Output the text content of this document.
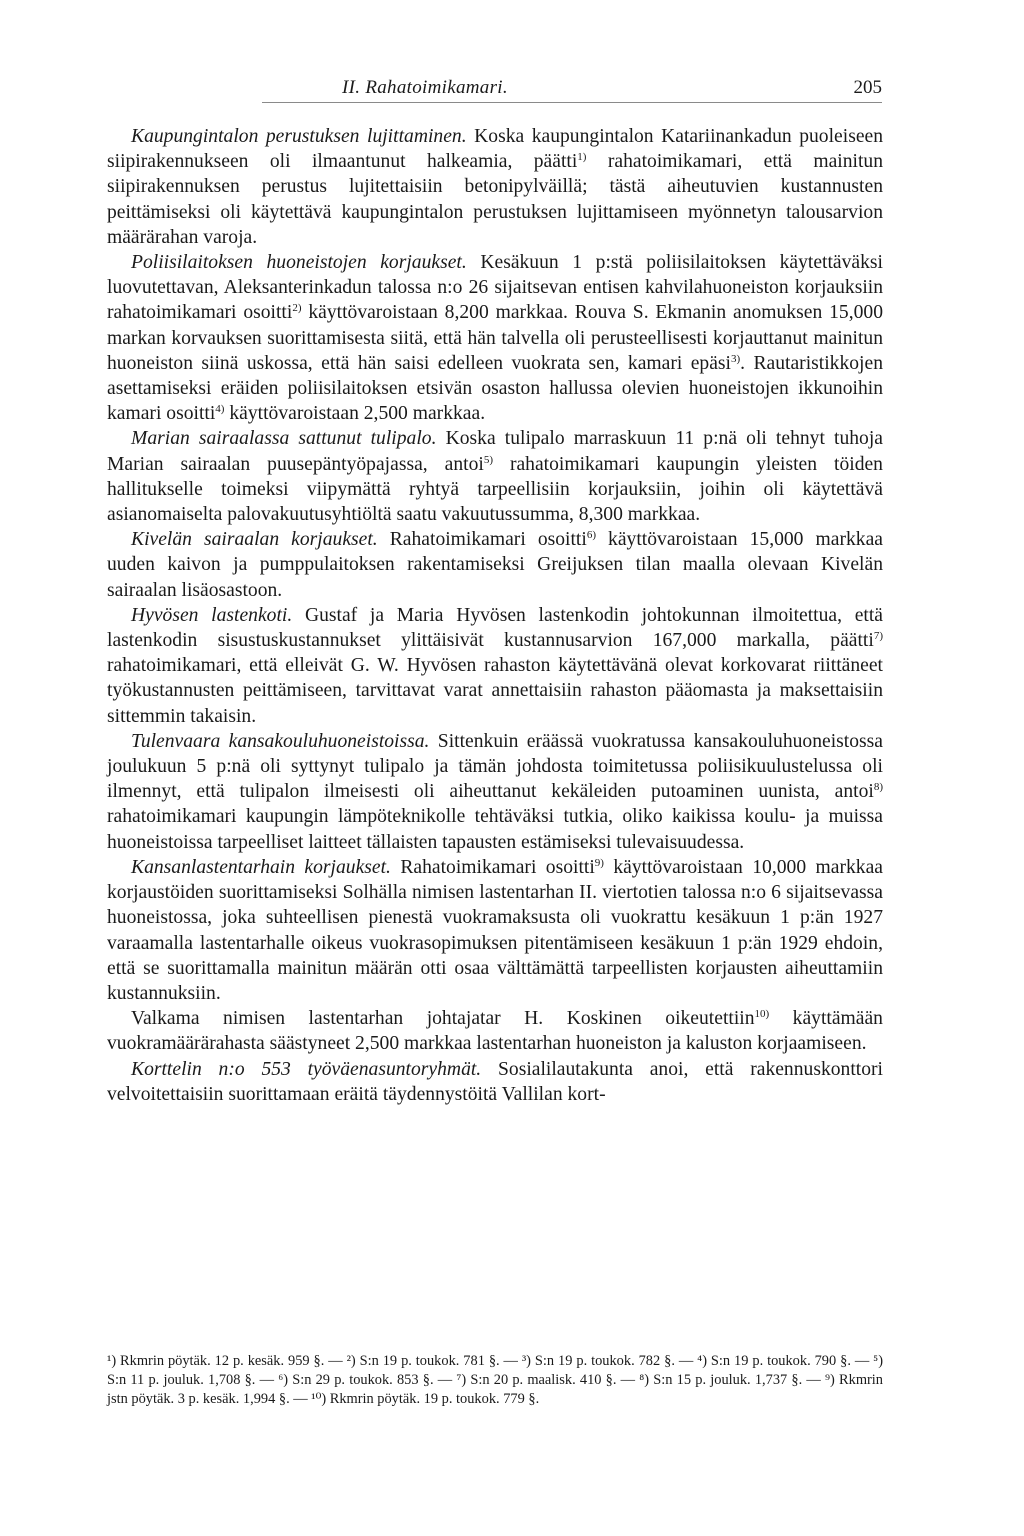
II. Rahatoimikamari.	205

Kaupungintalon perustuksen lujittaminen. Koska kaupungintalon Katariinankadun puoleiseen siipirakennukseen oli ilmaantunut halkeamia, päätti$^{1)}$ rahatoimikamari, että mainitun siipirakennuksen perustus lujitettaisiin betonipylväillä; tästä aiheutuvien kustannusten peittämiseksi oli käytettävä kaupungintalon perustuksen lujittamiseen myönnetyn talousarvion määrärahan varoja.

Poliisilaitoksen huoneistojen korjaukset. Kesäkuun 1 p:stä poliisilaitoksen käytettäväksi luovutettavan, Aleksanterinkadun talossa n:o 26 sijaitsevan entisen kahvilahuoneiston korjauksiin rahatoimikamari osoitti$^{2)}$ käyttövaroistaan 8,200 markkaa. Rouva S. Ekmanin anomuksen 15,000 markan korvauksen suorittamisesta siitä, että hän talvella oli perusteellisesti korjauttanut mainitun huoneiston siinä uskossa, että hän saisi edelleen vuokrata sen, kamari epäsi$^{3)}$. Rautaristikkojen asettamiseksi eräiden poliisilaitoksen etsivän osaston hallussa olevien huoneistojen ikkunoihin kamari osoitti$^{4)}$ käyttövaroistaan 2,500 markkaa.

Marian sairaalassa sattunut tulipalo. Koska tulipalo marraskuun 11 p:nä oli tehnyt tuhoja Marian sairaalan puusepäntyöpajassa, antoi$^{5)}$ rahatoimikamari kaupungin yleisten töiden hallitukselle toimeksi viipymättä ryhtyä tarpeellisiin korjauksiin, joihin oli käytettävä asianomaiselta palovakuutusyhtiöltä saatu vakuutussumma, 8,300 markkaa.

Kivelän sairaalan korjaukset. Rahatoimikamari osoitti$^{6)}$ käyttövaroistaan 15,000 markkaa uuden kaivon ja pumppulaitoksen rakentamiseksi Greijuksen tilan maalla olevaan Kivelän sairaalan lisäosastoon.

Hyvösen lastenkoti. Gustaf ja Maria Hyvösen lastenkodin johtokunnan ilmoitettua, että lastenkodin sisustuskustannukset ylittäisivät kustannusarvion 167,000 markalla, päätti$^{7)}$ rahatoimikamari, että elleivät G. W. Hyvösen rahaston käytettävänä olevat korkovarat riittäneet työkustannusten peittämiseen, tarvittavat varat annettaisiin rahaston pääomasta ja maksettaisiin sittemmin takaisin.

Tulenvaara kansakouluhuoneistoissa. Sittenkuin eräässä vuokratussa kansakouluhuoneistossa joulukuun 5 p:nä oli syttynyt tulipalo ja tämän johdosta toimitetussa poliisikuulustelussa oli ilmennyt, että tulipalon ilmeisesti oli aiheuttanut kekäleiden putoaminen uunista, antoi$^{8)}$ rahatoimikamari kaupungin lämpöteknikolle tehtäväksi tutkia, oliko kaikissa koulu- ja muissa huoneistoissa tarpeelliset laitteet tällaisten tapausten estämiseksi tulevaisuudessa.

Kansanlastentarhain korjaukset. Rahatoimikamari osoitti$^{9)}$ käyttövaroistaan 10,000 markkaa korjaustöiden suorittamiseksi Solhälla nimisen lastentarhan II. viertotien talossa n:o 6 sijaitsevassa huoneistossa, joka suhteellisen pienestä vuokramaksusta oli vuokrattu kesäkuun 1 p:än 1927 varaamalla lastentarhalle oikeus vuokrasopimuksen pitentämiseen kesäkuun 1 p:än 1929 ehdoin, että se suorittamalla mainitun määrän otti osaa välttämättä tarpeellisten korjausten aiheuttamiin kustannuksiin.

Valkama nimisen lastentarhan johtajatar H. Koskinen oikeutettiin$^{10)}$ käyttämään vuokramäärärahasta säästyneet 2,500 markkaa lastentarhan huoneiston ja kaluston korjaamiseen.

Korttelin n:o 553 työväenasuntoryhmät. Sosialilautakunta anoi, että rakennuskonttori velvoitettaisiin suorittamaan eräitä täydennystöitä Vallilan kort-

¹) Rkmrin pöytäk. 12 p. kesäk. 959 §. — ²) S:n 19 p. toukok. 781 §. — ³) S:n 19 p. toukok. 782 §. — ⁴) S:n 19 p. toukok. 790 §. — ⁵) S:n 11 p. jouluk. 1,708 §. — ⁶) S:n 29 p. toukok. 853 §. — ⁷) S:n 20 p. maalisk. 410 §. — ⁸) S:n 15 p. jouluk. 1,737 §. — ⁹) Rkmrin jstn pöytäk. 3 p. kesäk. 1,994 §. — ¹⁰) Rkmrin pöytäk. 19 p. toukok. 779 §.
